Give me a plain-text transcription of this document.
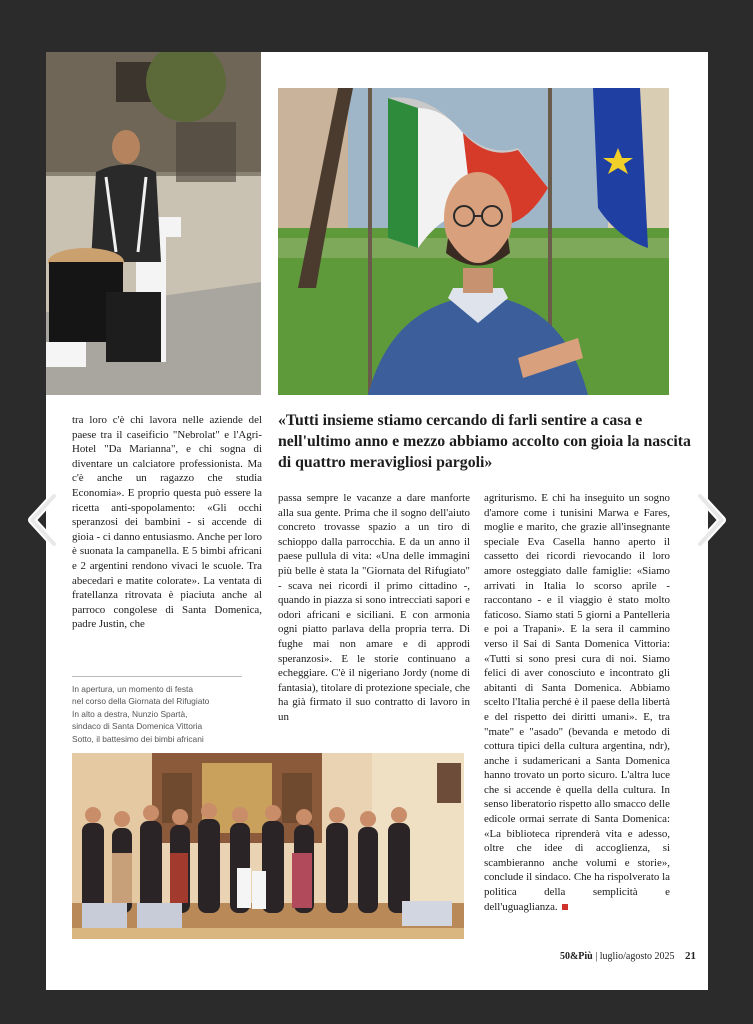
«Tutti insieme stiamo cercando di farli sentire a casa e nell'ultimo anno e mezzo abbiamo accolto con gioia la nascita di quattro meravigliosi pargoli»

tra loro c'è chi lavora nelle aziende del paese tra il caseificio "Nebrolat" e l'Agri-Hotel "Da Marianna", e chi sogna di diventare un calciatore professionista. Ma c'è anche un ragazzo che studia Economia». E proprio questa può essere la ricetta anti-spopolamento: «Gli occhi speranzosi dei bambini - si accende di gioia - ci danno entusiasmo. Anche per loro è suonata la campanella. E 5 bimbi africani e 2 argentini rendono vivaci le scuole. Tra abecedari e matite colorate». La ventata di fratellanza ritrovata è piaciuta anche al parroco congolese di Santa Domenica, padre Justin, che

In apertura, un momento di festa
nel corso della Giornata del Rifugiato
In alto a destra, Nunzio Spartà,
sindaco di Santa Domenica Vittoria
Sotto, il battesimo dei bimbi africani

passa sempre le vacanze a dare manforte alla sua gente. Prima che il sogno dell'aiuto concreto trovasse spazio a un tiro di schioppo dalla parrocchia. E da un anno il paese pullula di vita: «Una delle immagini più belle è stata la "Giornata del Rifugiato" - scava nei ricordi il primo cittadino -, quando in piazza si sono intrecciati sapori e odori africani e siciliani. E con armonia ogni piatto parlava della propria terra. Di fughe mai non amare e di approdi speranzosi». E le storie continuano a echeggiare. C'è il nigeriano Jordy (nome di fantasia), titolare di protezione speciale, che ha già firmato il suo contratto di lavoro in un

agriturismo. E chi ha inseguito un sogno d'amore come i tunisini Marwa e Fares, moglie e marito, che grazie all'insegnante speciale Eva Casella hanno aperto il cassetto dei ricordi rievocando il loro amore osteggiato dalle famiglie: «Siamo arrivati in Italia lo scorso aprile - raccontano - e il viaggio è stato molto faticoso. Siamo stati 5 giorni a Pantelleria e poi a Trapani». E la sera il cammino verso il Sai di Santa Domenica Vittoria: «Tutti si sono presi cura di noi. Siamo felici di aver conosciuto e incontrato gli abitanti di Santa Domenica. Abbiamo scelto l'Italia perché è il paese della libertà e del rispetto dei diritti umani». E, tra "mate" e "asado" (bevanda e metodo di cottura tipici della cultura argentina, ndr), anche i sudamericani a Santa Domenica hanno trovato un porto sicuro. L'altra luce che si accende è quella della cultura. In senso liberatorio rispetto allo smacco delle edicole ormai serrate di Santa Domenica: «La biblioteca riprenderà vita e adesso, oltre che idee di accoglienza, si scambieranno anche volumi e storie», conclude il sindaco. Che ha rispolverato la politica della semplicità e dell'uguaglianza.

50&Più | luglio/agosto 2025 21
